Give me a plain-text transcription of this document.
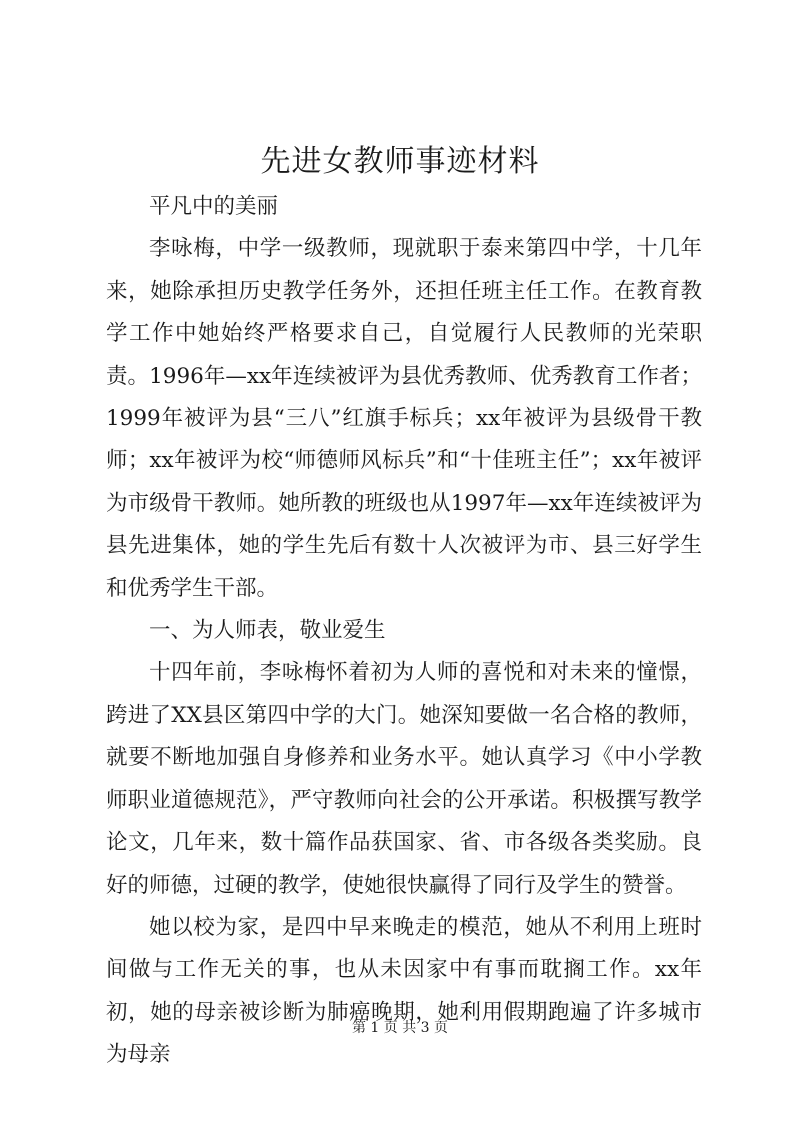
先进女教师事迹材料

平凡中的美丽

李咏梅，中学一级教师，现就职于泰来第四中学，十几年来，她除承担历史教学任务外，还担任班主任工作。在教育教学工作中她始终严格要求自己，自觉履行人民教师的光荣职责。1996年—xx年连续被评为县优秀教师、优秀教育工作者；1999年被评为县“三八”红旗手标兵；xx年被评为县级骨干教师；xx年被评为校“师德师风标兵”和“十佳班主任”；xx年被评为市级骨干教师。她所教的班级也从1997年—xx年连续被评为县先进集体，她的学生先后有数十人次被评为市、县三好学生和优秀学生干部。

一、为人师表，敬业爱生

十四年前，李咏梅怀着初为人师的喜悦和对未来的憧憬，跨进了XX县区第四中学的大门。她深知要做一名合格的教师，就要不断地加强自身修养和业务水平。她认真学习《中小学教师职业道德规范》，严守教师向社会的公开承诺。积极撰写教学论文，几年来，数十篇作品获国家、省、市各级各类奖励。良好的师德，过硬的教学，使她很快赢得了同行及学生的赞誉。

她以校为家，是四中早来晚走的模范，她从不利用上班时间做与工作无关的事，也从未因家中有事而耽搁工作。xx年初，她的母亲被诊断为肺癌晚期，她利用假期跑遍了许多城市为母亲

第 1 页 共 3 页
